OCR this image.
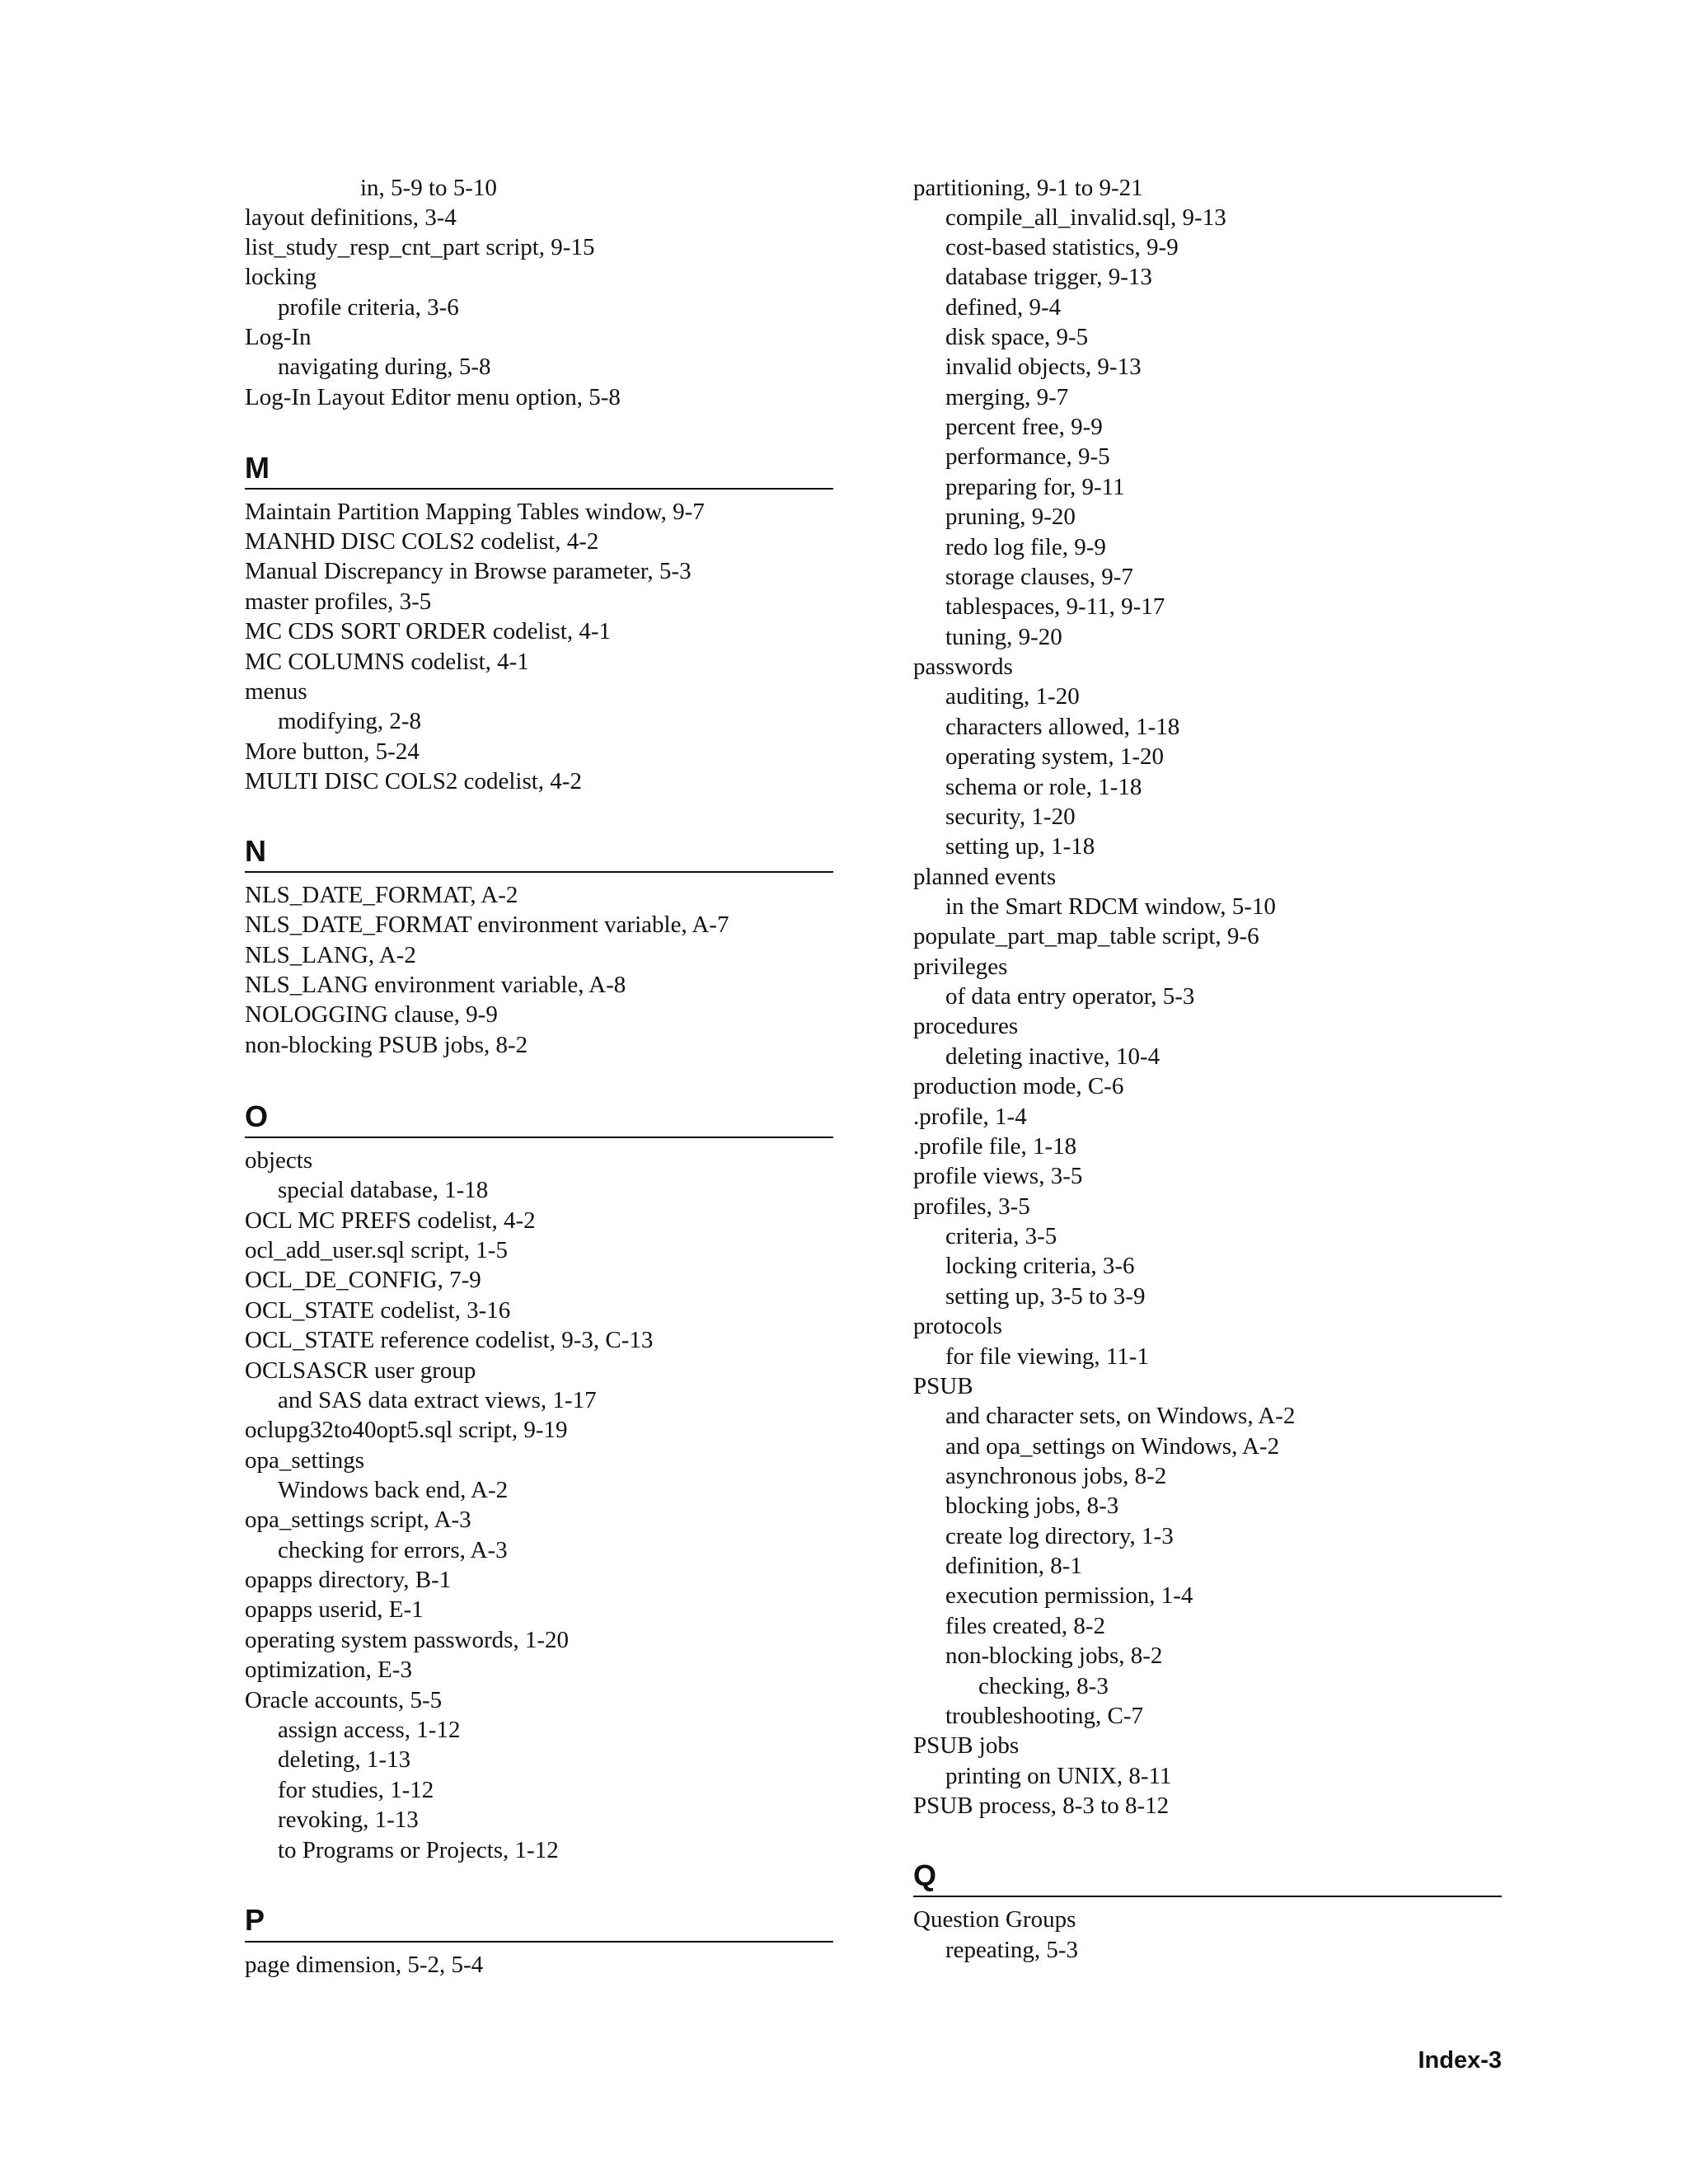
in, 5-9 to 5-10
layout definitions, 3-4
list_study_resp_cnt_part script, 9-15
locking
profile criteria, 3-6
Log-In
navigating during, 5-8
Log-In Layout Editor menu option, 5-8
M
Maintain Partition Mapping Tables window, 9-7
MANHD DISC COLS2 codelist, 4-2
Manual Discrepancy in Browse parameter, 5-3
master profiles, 3-5
MC CDS SORT ORDER codelist, 4-1
MC COLUMNS codelist, 4-1
menus
modifying, 2-8
More button, 5-24
MULTI DISC COLS2 codelist, 4-2
N
NLS_DATE_FORMAT, A-2
NLS_DATE_FORMAT environment variable, A-7
NLS_LANG, A-2
NLS_LANG environment variable, A-8
NOLOGGING clause, 9-9
non-blocking PSUB jobs, 8-2
O
objects
special database, 1-18
OCL MC PREFS codelist, 4-2
ocl_add_user.sql script, 1-5
OCL_DE_CONFIG, 7-9
OCL_STATE codelist, 3-16
OCL_STATE reference codelist, 9-3, C-13
OCLSASCR user group
and SAS data extract views, 1-17
oclupg32to40opt5.sql script, 9-19
opa_settings
Windows back end, A-2
opa_settings script, A-3
checking for errors, A-3
opapps directory, B-1
opapps userid, E-1
operating system passwords, 1-20
optimization, E-3
Oracle accounts, 5-5
assign access, 1-12
deleting, 1-13
for studies, 1-12
revoking, 1-13
to Programs or Projects, 1-12
P
page dimension, 5-2, 5-4
partitioning, 9-1 to 9-21
compile_all_invalid.sql, 9-13
cost-based statistics, 9-9
database trigger, 9-13
defined, 9-4
disk space, 9-5
invalid objects, 9-13
merging, 9-7
percent free, 9-9
performance, 9-5
preparing for, 9-11
pruning, 9-20
redo log file, 9-9
storage clauses, 9-7
tablespaces, 9-11, 9-17
tuning, 9-20
passwords
auditing, 1-20
characters allowed, 1-18
operating system, 1-20
schema or role, 1-18
security, 1-20
setting up, 1-18
planned events
in the Smart RDCM window, 5-10
populate_part_map_table script, 9-6
privileges
of data entry operator, 5-3
procedures
deleting inactive, 10-4
production mode, C-6
.profile, 1-4
.profile file, 1-18
profile views, 3-5
profiles, 3-5
criteria, 3-5
locking criteria, 3-6
setting up, 3-5 to 3-9
protocols
for file viewing, 11-1
PSUB
and character sets, on Windows, A-2
and opa_settings on Windows, A-2
asynchronous jobs, 8-2
blocking jobs, 8-3
create log directory, 1-3
definition, 8-1
execution permission, 1-4
files created, 8-2
non-blocking jobs, 8-2
checking, 8-3
troubleshooting, C-7
PSUB jobs
printing on UNIX, 8-11
PSUB process, 8-3 to 8-12
Q
Question Groups
repeating, 5-3
Index-3
